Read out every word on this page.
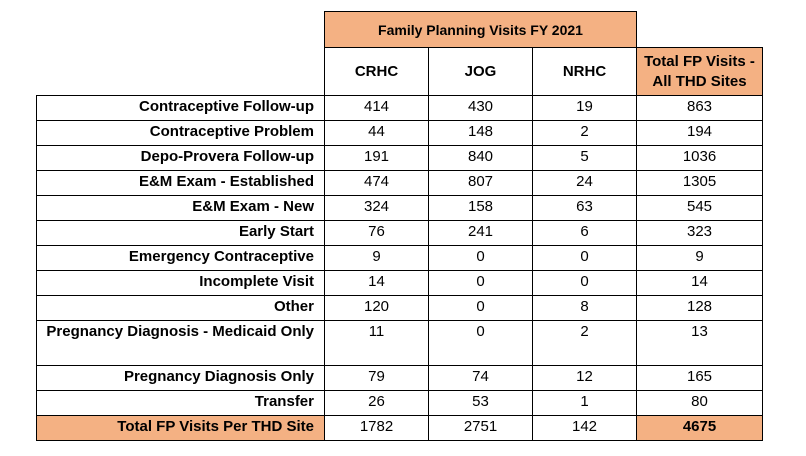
	Family Planning Visits FY 2021			
	CRHC	JOG	NRHC	Total FP Visits - All THD Sites
Contraceptive Follow-up	414	430	19	863
Contraceptive Problem	44	148	2	194
Depo-Provera Follow-up	191	840	5	1036
E&M Exam - Established	474	807	24	1305
E&M Exam - New	324	158	63	545
Early Start	76	241	6	323
Emergency Contraceptive	9	0	0	9
Incomplete Visit	14	0	0	14
Other	120	0	8	128
Pregnancy Diagnosis - Medicaid Only	11	0	2	13
Pregnancy Diagnosis Only	79	74	12	165
Transfer	26	53	1	80
Total FP Visits Per THD Site	1782	2751	142	4675
